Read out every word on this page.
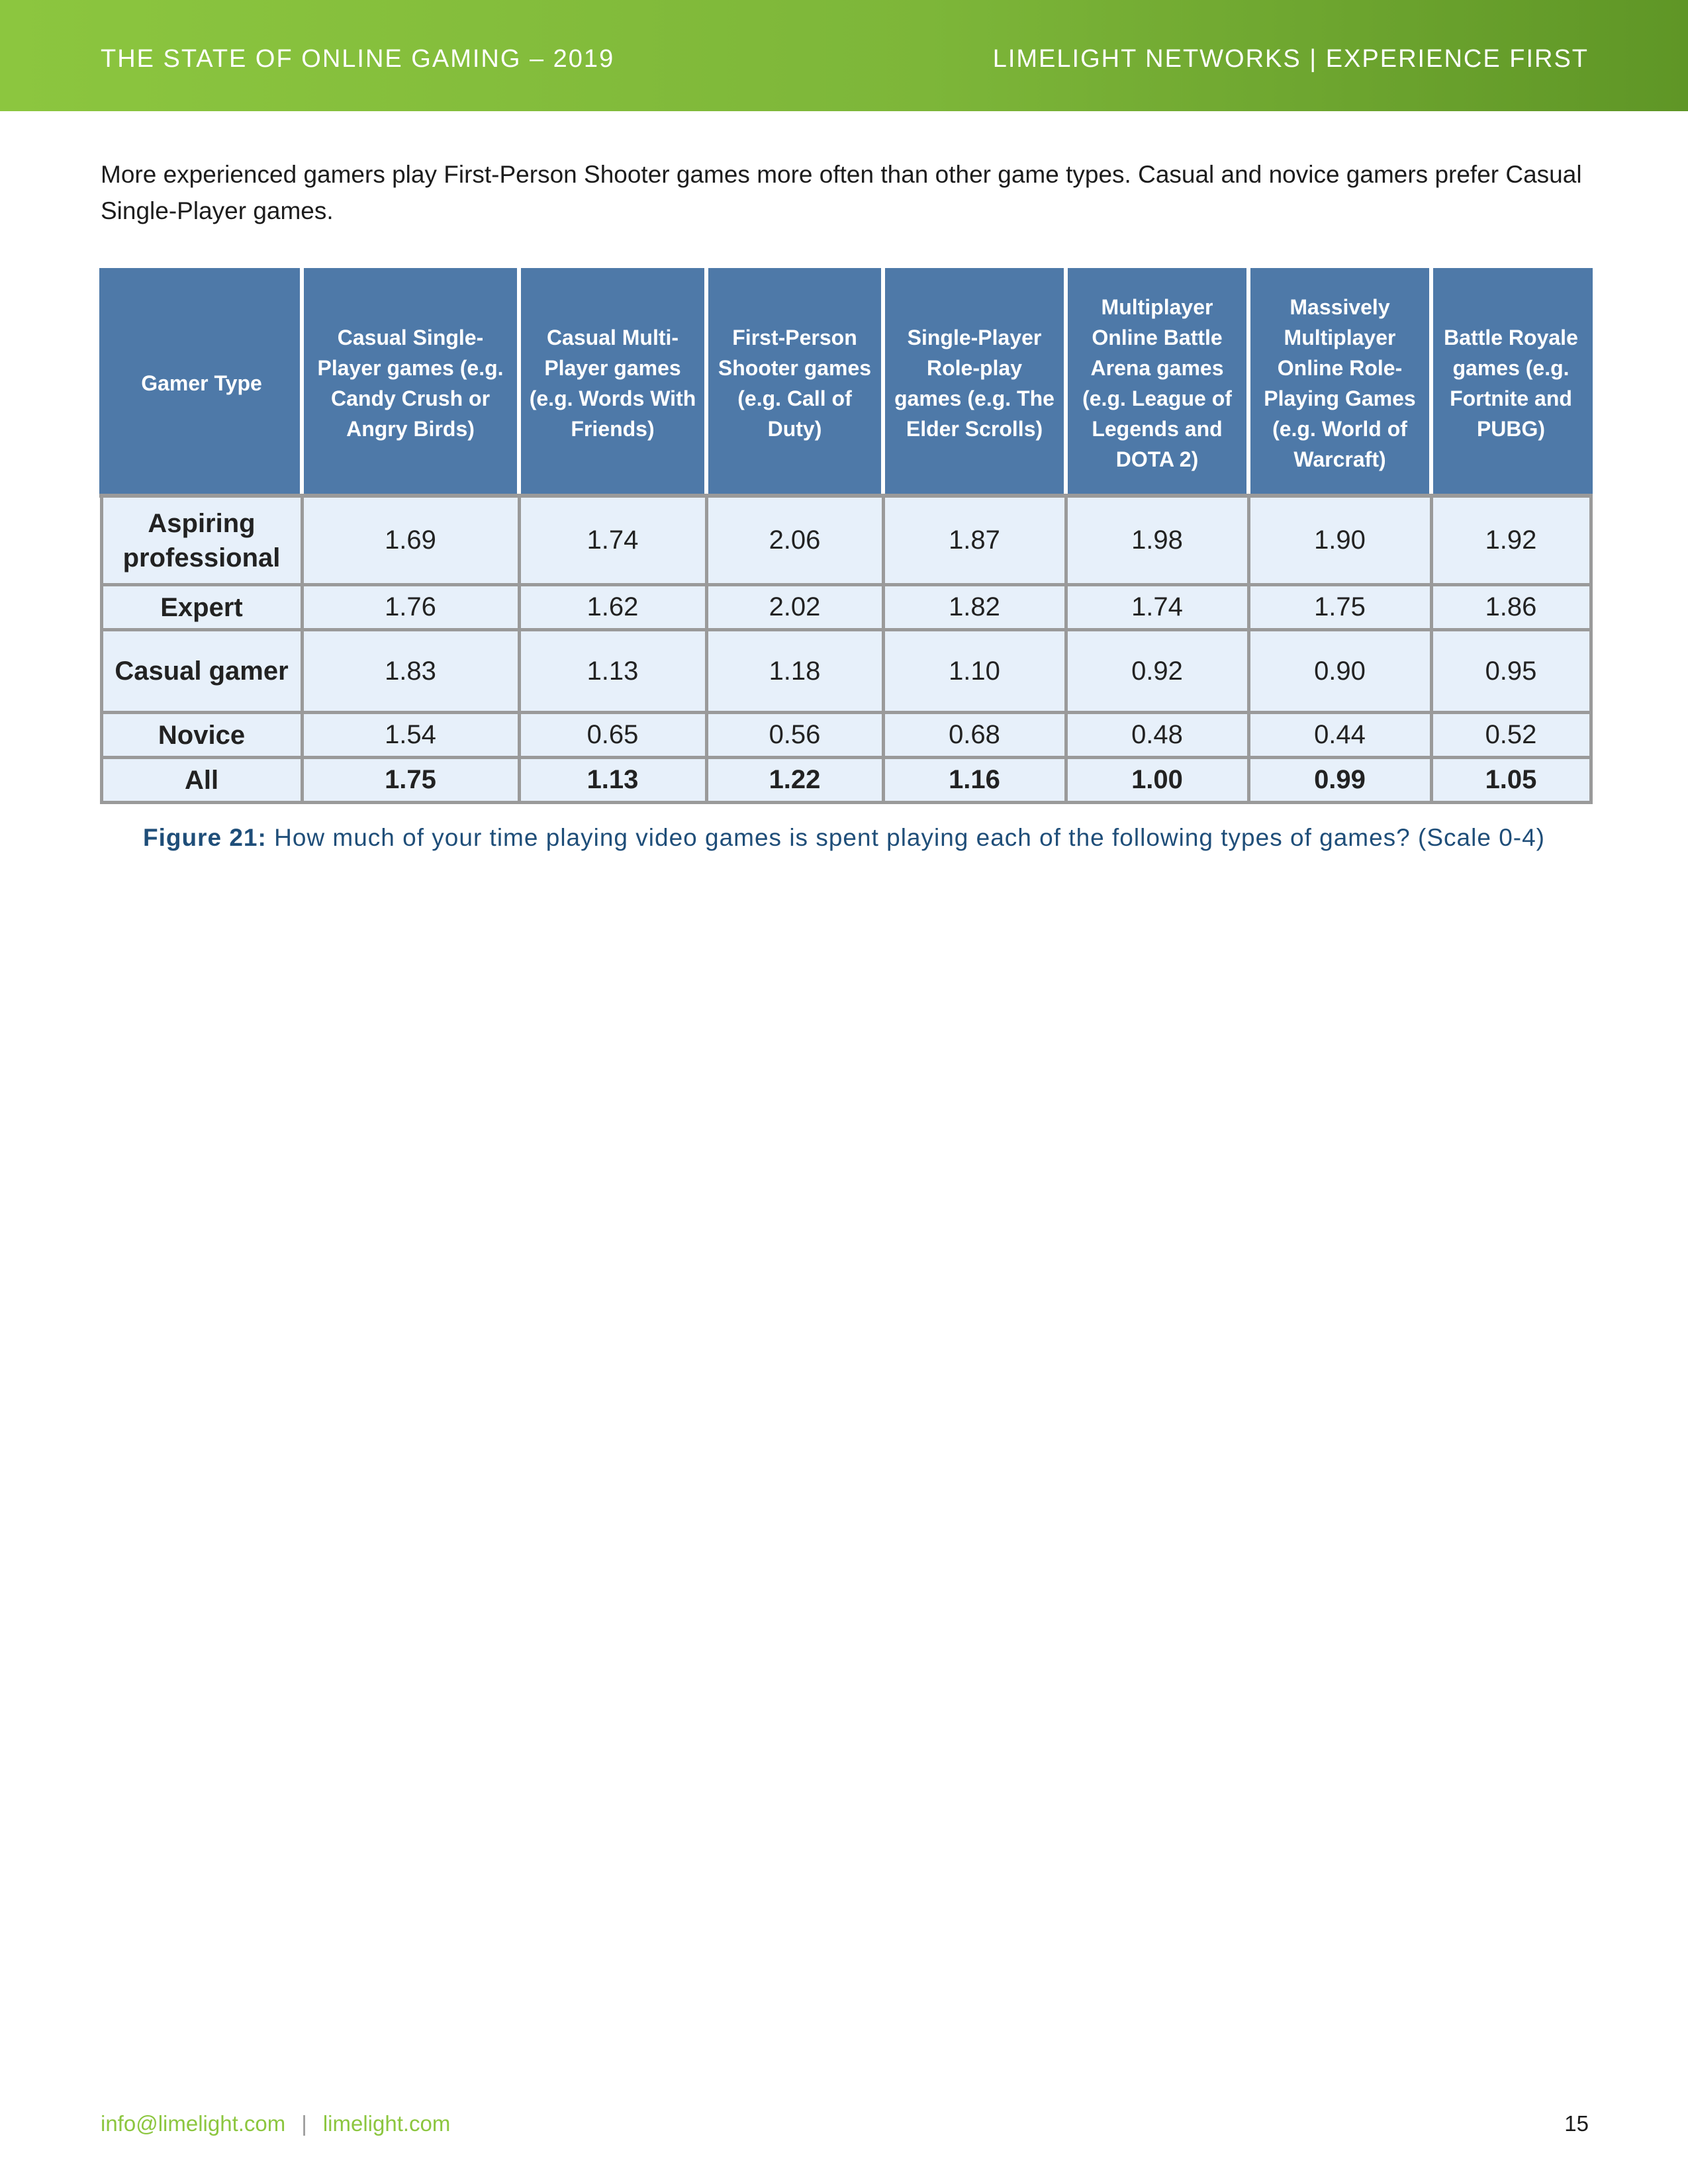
THE STATE OF ONLINE GAMING – 2019	LIMELIGHT NETWORKS | EXPERIENCE FIRST

More experienced gamers play First-Person Shooter games more often than other game types. Casual and novice gamers prefer Casual Single-Player games.

Gamer Type	Casual Single-Player games (e.g. Candy Crush or Angry Birds)	Casual Multi-Player games (e.g. Words With Friends)	First-Person Shooter games (e.g. Call of Duty)	Single-Player Role-play games (e.g. The Elder Scrolls)	Multiplayer Online Battle Arena games (e.g. League of Legends and DOTA 2)	Massively Multiplayer Online Role-Playing Games (e.g. World of Warcraft)	Battle Royale games (e.g. Fortnite and PUBG)
Aspiring professional	1.69	1.74	2.06	1.87	1.98	1.90	1.92
Expert	1.76	1.62	2.02	1.82	1.74	1.75	1.86
Casual gamer	1.83	1.13	1.18	1.10	0.92	0.90	0.95
Novice	1.54	0.65	0.56	0.68	0.48	0.44	0.52
All	1.75	1.13	1.22	1.16	1.00	0.99	1.05
Figure 21: How much of your time playing video games is spent playing each of the following types of games? (Scale 0-4)
info@limelight.com | limelight.com	15
